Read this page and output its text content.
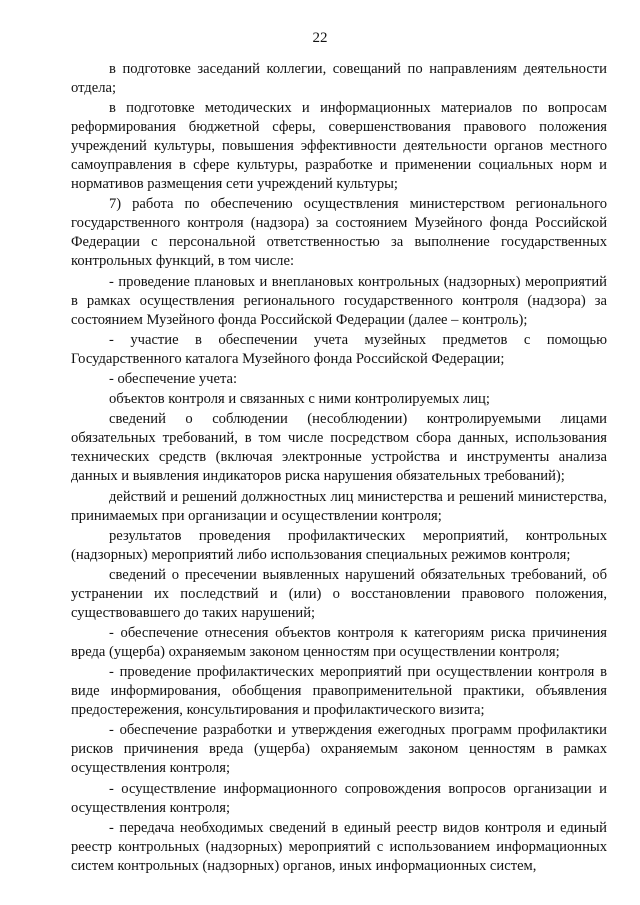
22

в подготовке заседаний коллегии, совещаний по направлениям деятельности отдела;

в подготовке методических и информационных материалов по вопросам реформирования бюджетной сферы, совершенствования правового положения учреждений культуры, повышения эффективности деятельности органов местного самоуправления в сфере культуры, разработке и применении социальных норм и нормативов размещения сети учреждений культуры;

7) работа по обеспечению осуществления министерством регионального государственного контроля (надзора) за состоянием Музейного фонда Российской Федерации с персональной ответственностью за выполнение государственных контрольных функций, в том числе:

- проведение плановых и внеплановых контрольных (надзорных) мероприятий в рамках осуществления регионального государственного контроля (надзора) за состоянием Музейного фонда Российской Федерации (далее – контроль);

- участие в обеспечении учета музейных предметов с помощью Государственного каталога Музейного фонда Российской Федерации;

- обеспечение учета:

объектов контроля и связанных с ними контролируемых лиц;

сведений о соблюдении (несоблюдении) контролируемыми лицами обязательных требований, в том числе посредством сбора данных, использования технических средств (включая электронные устройства и инструменты анализа данных и выявления индикаторов риска нарушения обязательных требований);

действий и решений должностных лиц министерства и решений министерства, принимаемых при организации и осуществлении контроля;

результатов проведения профилактических мероприятий, контрольных (надзорных) мероприятий либо использования специальных режимов контроля;

сведений о пресечении выявленных нарушений обязательных требований, об устранении их последствий и (или) о восстановлении правового положения, существовавшего до таких нарушений;

- обеспечение отнесения объектов контроля к категориям риска причинения вреда (ущерба) охраняемым законом ценностям при осуществлении контроля;

- проведение профилактических мероприятий при осуществлении контроля в виде информирования, обобщения правоприменительной практики, объявления предостережения, консультирования и профилактического визита;

- обеспечение разработки и утверждения ежегодных программ профилактики рисков причинения вреда (ущерба) охраняемым законом ценностям в рамках осуществления контроля;

- осуществление информационного сопровождения вопросов организации и осуществления контроля;

- передача необходимых сведений в единый реестр видов контроля и единый реестр контрольных (надзорных) мероприятий с использованием информационных систем контрольных (надзорных) органов, иных информационных систем,
